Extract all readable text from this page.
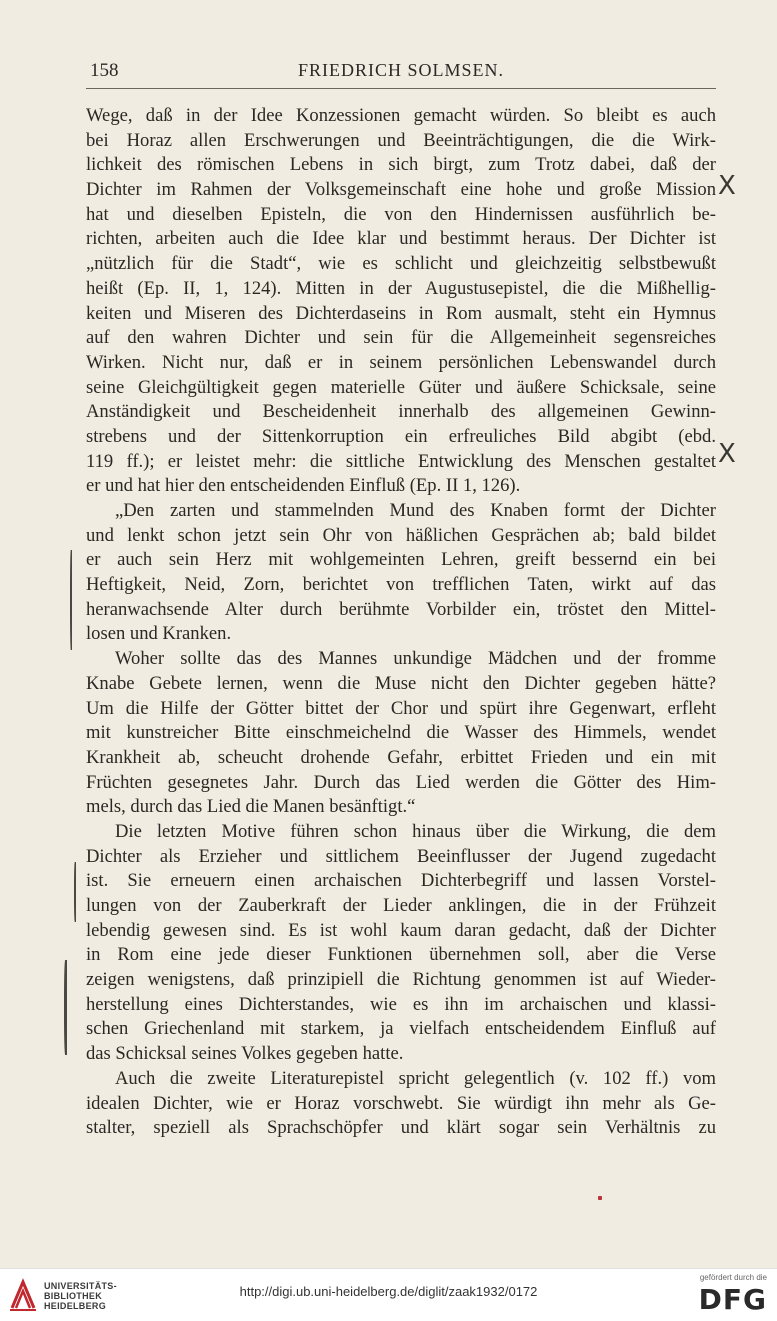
158	FRIEDRICH SOLMSEN.
Wege, daß in der Idee Konzessionen gemacht würden. So bleibt es auch
bei Horaz allen Erschwerungen und Beeinträchtigungen, die die Wirk-
lichkeit des römischen Lebens in sich birgt, zum Trotz dabei, daß der
Dichter im Rahmen der Volksgemeinschaft eine hohe und große Mission
hat und dieselben Episteln, die von den Hindernissen ausführlich be-
richten, arbeiten auch die Idee klar und bestimmt heraus. Der Dichter ist
„nützlich für die Stadt“, wie es schlicht und gleichzeitig selbstbewußt
heißt (Ep. II, 1, 124). Mitten in der Augustusepistel, die die Mißhellig-
keiten und Miseren des Dichterdaseins in Rom ausmalt, steht ein Hymnus
auf den wahren Dichter und sein für die Allgemeinheit segensreiches
Wirken. Nicht nur, daß er in seinem persönlichen Lebenswandel durch
seine Gleichgültigkeit gegen materielle Güter und äußere Schicksale, seine
Anständigkeit und Bescheidenheit innerhalb des allgemeinen Gewinn-
strebens und der Sittenkorruption ein erfreuliches Bild abgibt (ebd.
119 ff.); er leistet mehr: die sittliche Entwicklung des Menschen gestaltet
er und hat hier den entscheidenden Einfluß (Ep. II 1, 126).
„Den zarten und stammelnden Mund des Knaben formt der Dichter
und lenkt schon jetzt sein Ohr von häßlichen Gesprächen ab; bald bildet
er auch sein Herz mit wohlgemeinten Lehren, greift bessernd ein bei
Heftigkeit, Neid, Zorn, berichtet von trefflichen Taten, wirkt auf das
heranwachsende Alter durch berühmte Vorbilder ein, tröstet den Mittel-
losen und Kranken.
Woher sollte das des Mannes unkundige Mädchen und der fromme
Knabe Gebete lernen, wenn die Muse nicht den Dichter gegeben hätte?
Um die Hilfe der Götter bittet der Chor und spürt ihre Gegenwart, erfleht
mit kunstreicher Bitte einschmeichelnd die Wasser des Himmels, wendet
Krankheit ab, scheucht drohende Gefahr, erbittet Frieden und ein mit
Früchten gesegnetes Jahr. Durch das Lied werden die Götter des Him-
mels, durch das Lied die Manen besänftigt.“
Die letzten Motive führen schon hinaus über die Wirkung, die dem
Dichter als Erzieher und sittlichem Beeinflusser der Jugend zugedacht
ist. Sie erneuern einen archaischen Dichterbegriff und lassen Vorstel-
lungen von der Zauberkraft der Lieder anklingen, die in der Frühzeit
lebendig gewesen sind. Es ist wohl kaum daran gedacht, daß der Dichter
in Rom eine jede dieser Funktionen übernehmen soll, aber die Verse
zeigen wenigstens, daß prinzipiell die Richtung genommen ist auf Wieder-
herstellung eines Dichterstandes, wie es ihn im archaischen und klassi-
schen Griechenland mit starkem, ja vielfach entscheidendem Einfluß auf
das Schicksal seines Volkes gegeben hatte.
Auch die zweite Literaturepistel spricht gelegentlich (v. 102 ff.) vom
idealen Dichter, wie er Horaz vorschwebt. Sie würdigt ihn mehr als Ge-
stalter, speziell als Sprachschöpfer und klärt sogar sein Verhältnis zu
X
X
UNIVERSITÄTS-
BIBLIOTHEK
HEIDELBERG
http://digi.ub.uni-heidelberg.de/diglit/zaak1932/0172
gefördert durch die
DFG
